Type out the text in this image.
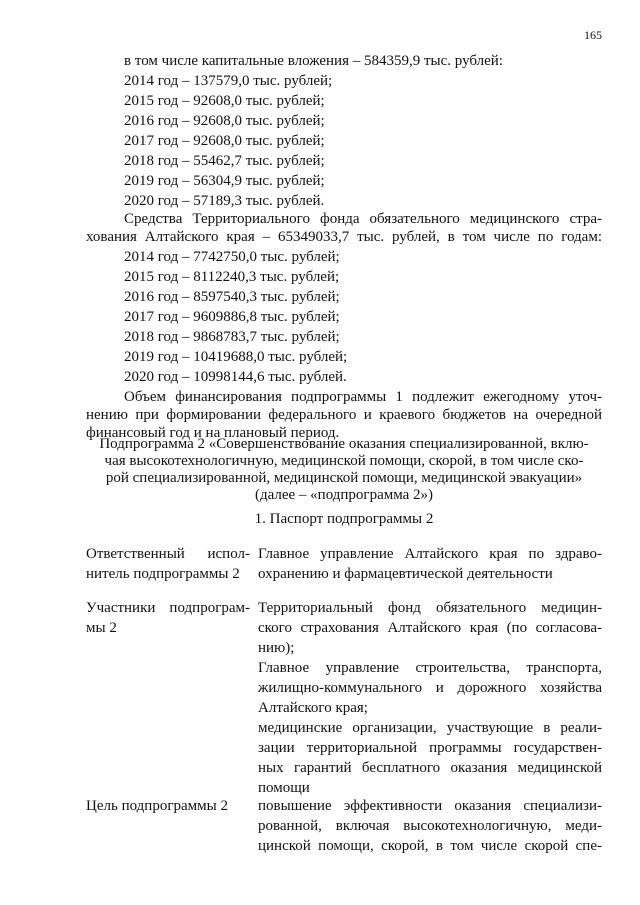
165
в том числе капитальные вложения – 584359,9 тыс. рублей:
2014 год – 137579,0 тыс. рублей;
2015 год – 92608,0 тыс. рублей;
2016 год – 92608,0 тыс. рублей;
2017 год – 92608,0 тыс. рублей;
2018 год – 55462,7 тыс. рублей;
2019 год – 56304,9 тыс. рублей;
2020 год – 57189,3 тыс. рублей.
Средства Территориального фонда обязательного медицинского стра-
хования Алтайского края – 65349033,7 тыс. рублей, в том числе по годам:
2014 год – 7742750,0 тыс. рублей;
2015 год – 8112240,3 тыс. рублей;
2016 год – 8597540,3 тыс. рублей;
2017 год – 9609886,8 тыс. рублей;
2018 год – 9868783,7 тыс. рублей;
2019 год – 10419688,0 тыс. рублей;
2020 год – 10998144,6 тыс. рублей.
Объем финансирования подпрограммы 1 подлежит ежегодному уточ-
нению при формировании федерального и краевого бюджетов на очередной
финансовый год и на плановый период.
Подпрограмма 2 «Совершенствование оказания специализированной, вклю-
чая высокотехнологичную, медицинской помощи, скорой, в том числе ско-
рой специализированной, медицинской помощи, медицинской эвакуации»
(далее – «подпрограмма 2»)
1. Паспорт подпрограммы 2
Ответственный испол-
нитель подпрограммы 2
Главное управление Алтайского края по здраво-
охранению и фармацевтической деятельности
Участники подпрограм-
мы 2
Территориальный фонд обязательного медицин-
ского страхования Алтайского края (по согласова-
нию);
Главное управление строительства, транспорта,
жилищно-коммунального и дорожного хозяйства
Алтайского края;
медицинские организации, участвующие в реали-
зации территориальной программы государствен-
ных гарантий бесплатного оказания медицинской
помощи
Цель подпрограммы 2	повышение эффективности оказания специализи-
рованной, включая высокотехнологичную, меди-
цинской помощи, скорой, в том числе скорой спе-
